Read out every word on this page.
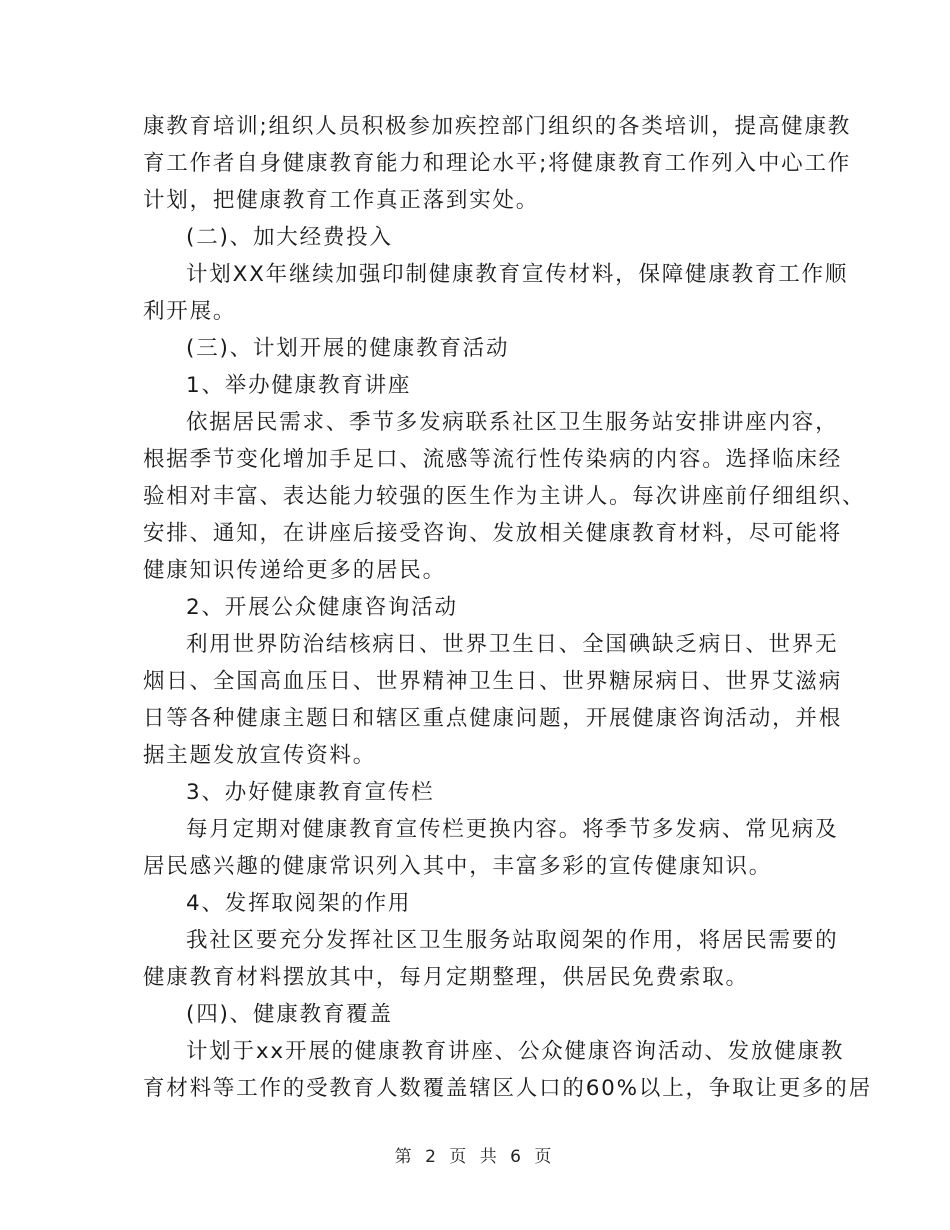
康教育培训;组织人员积极参加疾控部门组织的各类培训，提高健康教
育工作者自身健康教育能力和理论水平;将健康教育工作列入中心工作
计划，把健康教育工作真正落到实处。
(二)、加大经费投入
计划XX年继续加强印制健康教育宣传材料，保障健康教育工作顺
利开展。
(三)、计划开展的健康教育活动
1、举办健康教育讲座
依据居民需求、季节多发病联系社区卫生服务站安排讲座内容，
根据季节变化增加手足口、流感等流行性传染病的内容。选择临床经
验相对丰富、表达能力较强的医生作为主讲人。每次讲座前仔细组织、
安排、通知，在讲座后接受咨询、发放相关健康教育材料，尽可能将
健康知识传递给更多的居民。
2、开展公众健康咨询活动
利用世界防治结核病日、世界卫生日、全国碘缺乏病日、世界无
烟日、全国高血压日、世界精神卫生日、世界糖尿病日、世界艾滋病
日等各种健康主题日和辖区重点健康问题，开展健康咨询活动，并根
据主题发放宣传资料。
3、办好健康教育宣传栏
每月定期对健康教育宣传栏更换内容。将季节多发病、常见病及
居民感兴趣的健康常识列入其中，丰富多彩的宣传健康知识。
4、发挥取阅架的作用
我社区要充分发挥社区卫生服务站取阅架的作用，将居民需要的
健康教育材料摆放其中，每月定期整理，供居民免费索取。
(四)、健康教育覆盖
计划于xx开展的健康教育讲座、公众健康咨询活动、发放健康教
育材料等工作的受教育人数覆盖辖区人口的60%以上，争取让更多的居
第 2 页 共 6 页
